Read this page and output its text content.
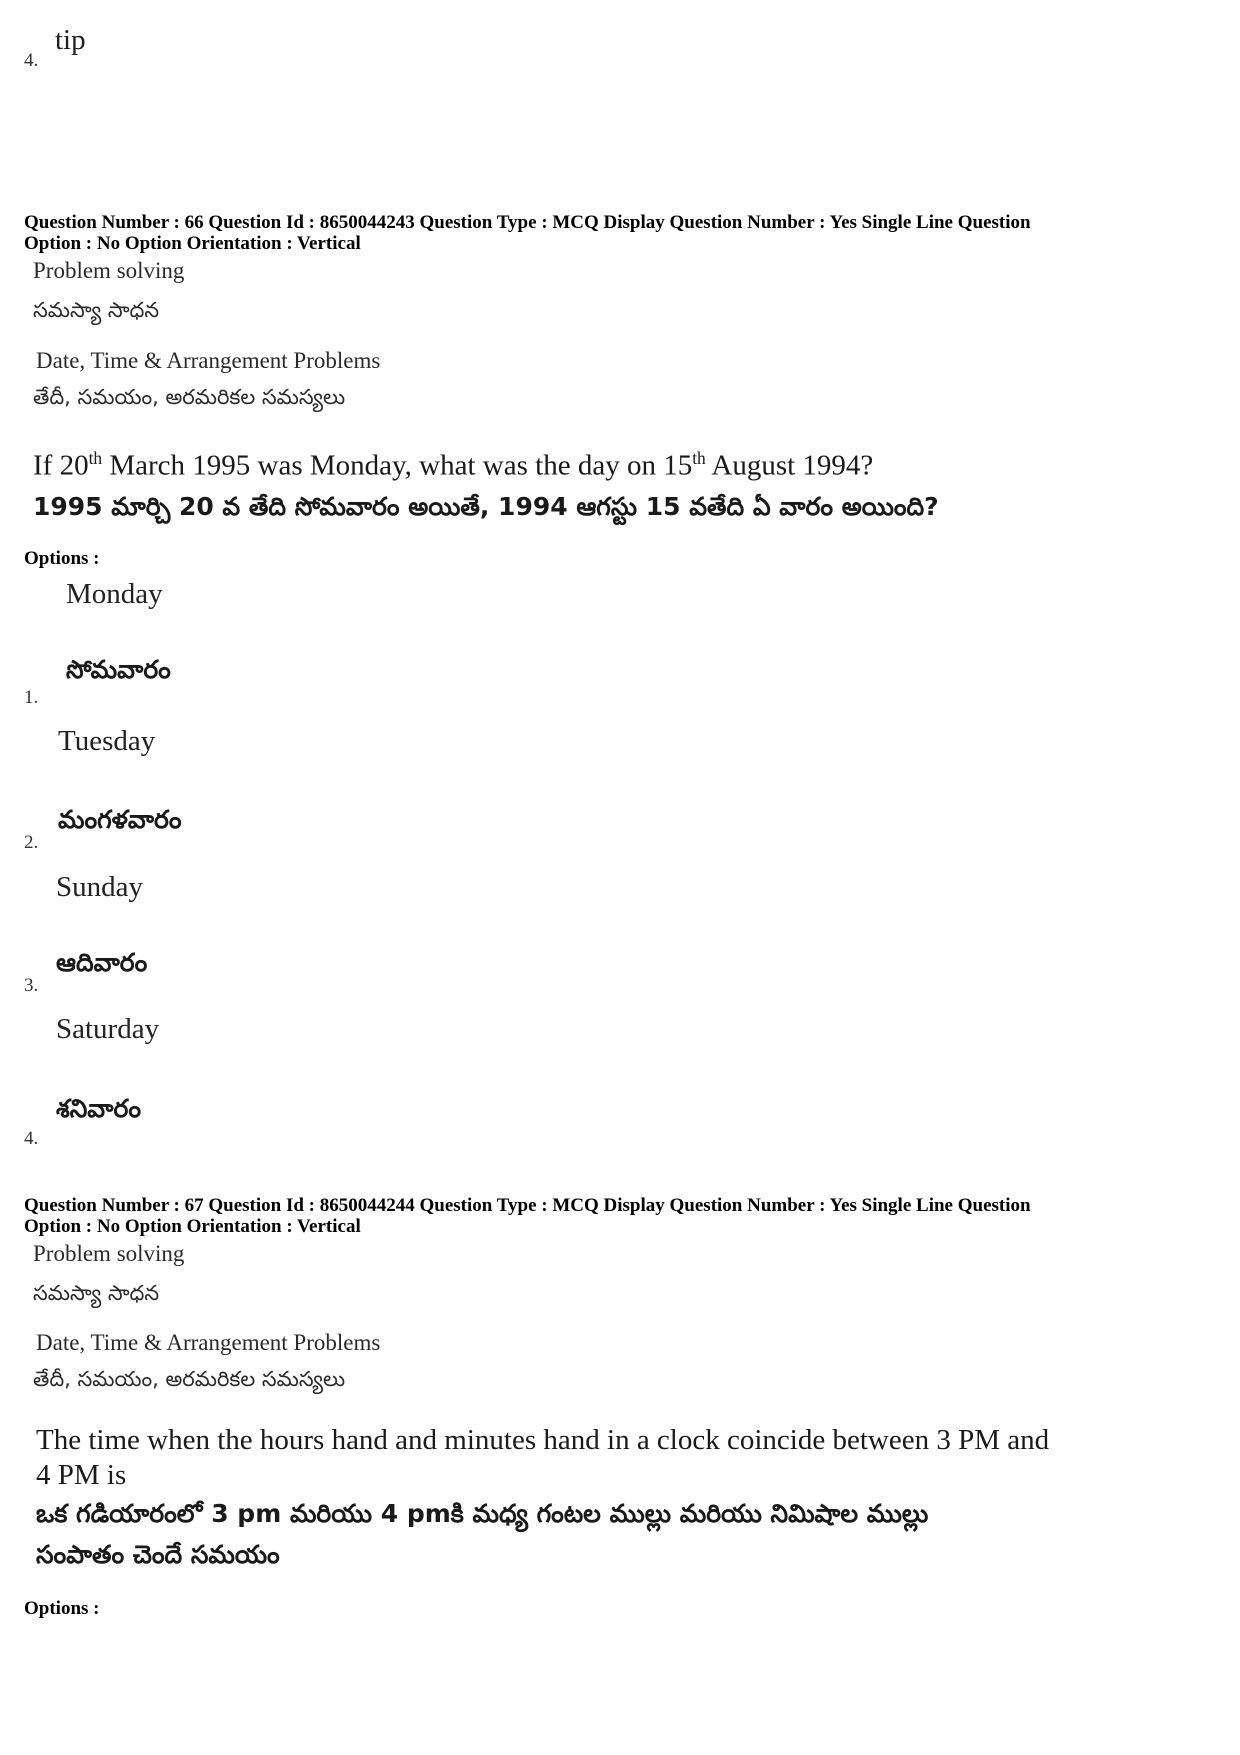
tip
4.
Question Number : 66 Question Id : 8650044243 Question Type : MCQ Display Question Number : Yes Single Line Question
Option : No Option Orientation : Vertical
Problem solving
సమస్యా సాధన
Date, Time & Arrangement Problems
తేదీ, సమయం, అరమరికల సమస్యలు
If 20th March 1995 was Monday, what was the day on 15th August 1994?
1995 మార్చి 20 వ తేది సోమవారం అయితే, 1994 ఆగస్టు 15 వతేది ఏ వారం అయింది?
Options :
Monday
సోమవారం
1.
Tuesday
మంగళవారం
2.
Sunday
ఆదివారం
3.
Saturday
శనివారం
4.
Question Number : 67 Question Id : 8650044244 Question Type : MCQ Display Question Number : Yes Single Line Question
Option : No Option Orientation : Vertical
Problem solving
సమస్యా సాధన
Date, Time & Arrangement Problems
తేదీ, సమయం, అరమరికల సమస్యలు
The time when the hours hand and minutes hand in a clock coincide between 3 PM and
4 PM is
ఒక గడియారంలో 3 pm మరియు 4 pmకి మధ్య గంటల ముల్లు మరియు నిమిషాల ముల్లు
సంపాతం చెందే సమయం
Options :
